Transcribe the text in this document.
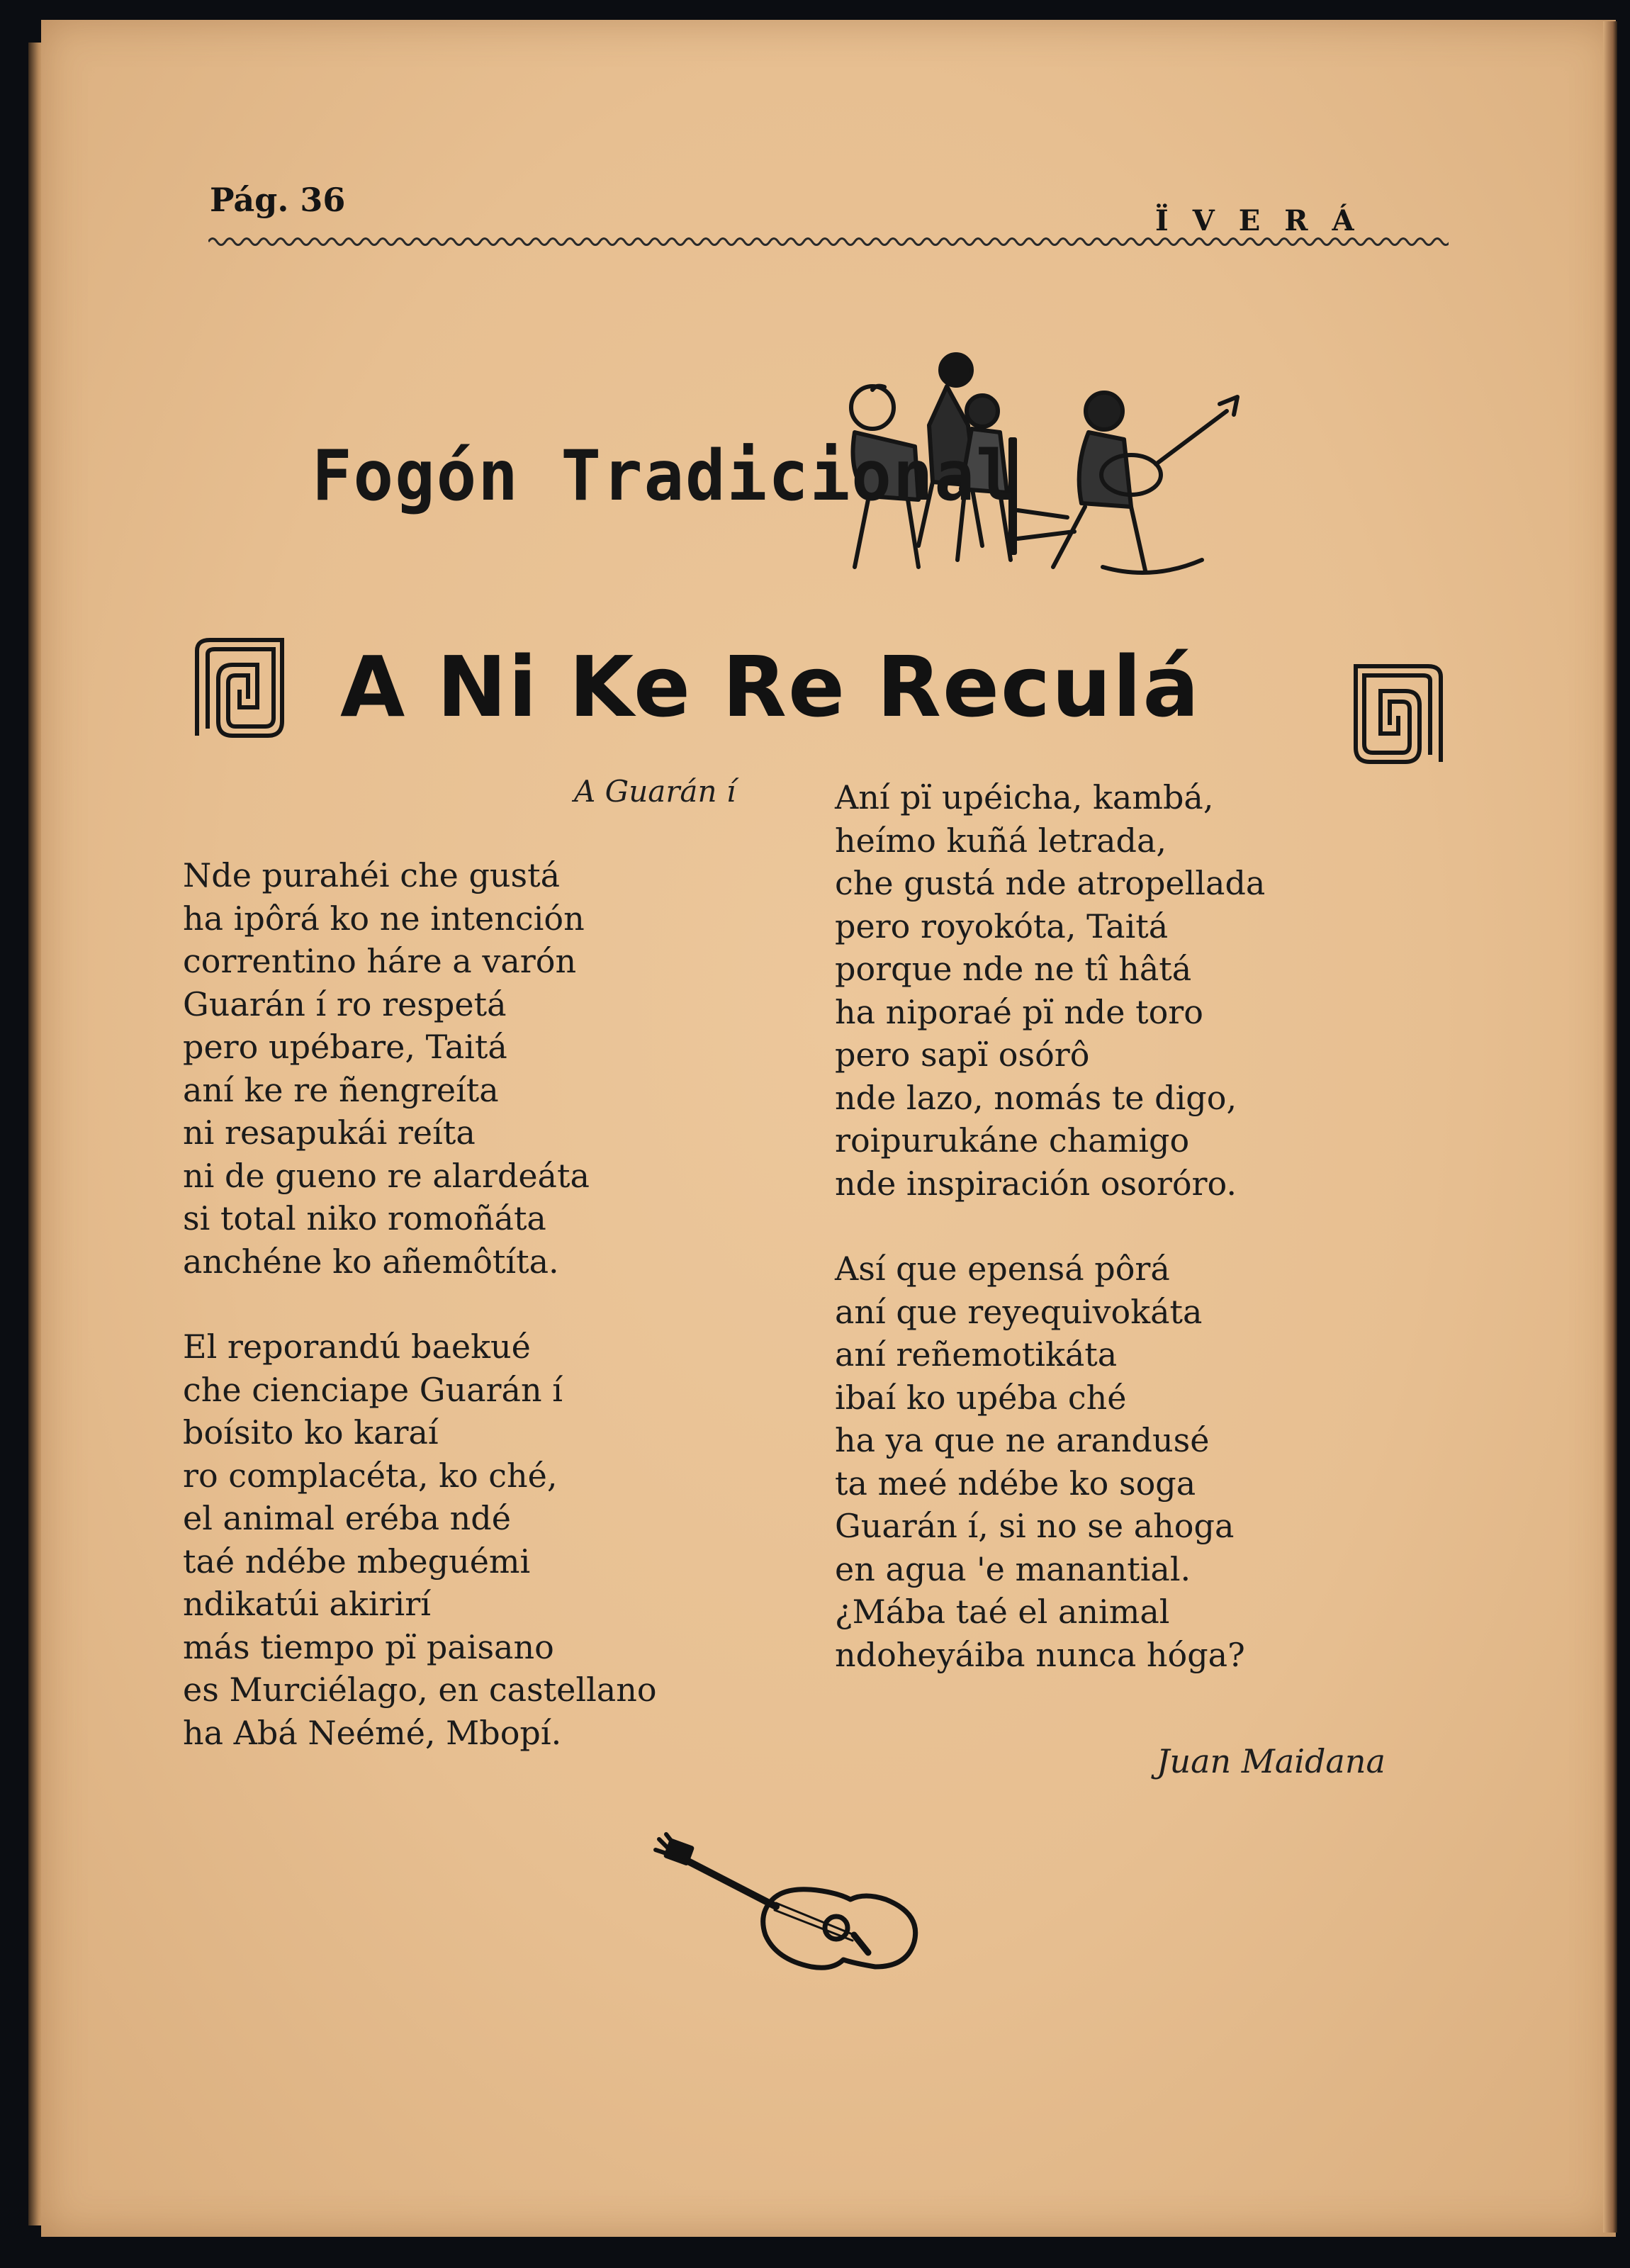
Pág. 36
ÏVERÁ
Fogón Tradicional
A Ni Ke Re Reculá
A Guarán í
Nde purahéi che gustá
ha ipôrá ko ne intención
correntino háre a varón
Guarán í ro respetá
pero upébare, Taitá
aní ke re ñengreíta
ni resapukái reíta
ni de gueno re alardeáta
si total niko romoñáta
anchéne ko añemôtíta.
El reporandú baekué
che cienciape Guarán í
boísito ko karaí
ro complacéta, ko ché,
el animal eréba ndé
taé ndébe mbeguémi
ndikatúi akirirí
más tiempo pï paisano
es Murciélago, en castellano
ha Abá Neémé, Mbopí.
Aní pï upéicha, kambá,
heímo kuñá letrada,
che gustá nde atropellada
pero royokóta, Taitá
porque nde ne tî hâtá
ha niporaé pï nde toro
pero sapï osórô
nde lazo, nomás te digo,
roipurukáne chamigo
nde inspiración osoróro.
Así que epensá pôrá
aní que reyequivokáta
aní reñemotikáta
ibaí ko upéba ché
ha ya que ne arandusé
ta meé ndébe ko soga
Guarán í, si no se ahoga
en agua 'e manantial.
¿Mába taé el animal
ndoheyáiba nunca hóga?
Juan Maidana
